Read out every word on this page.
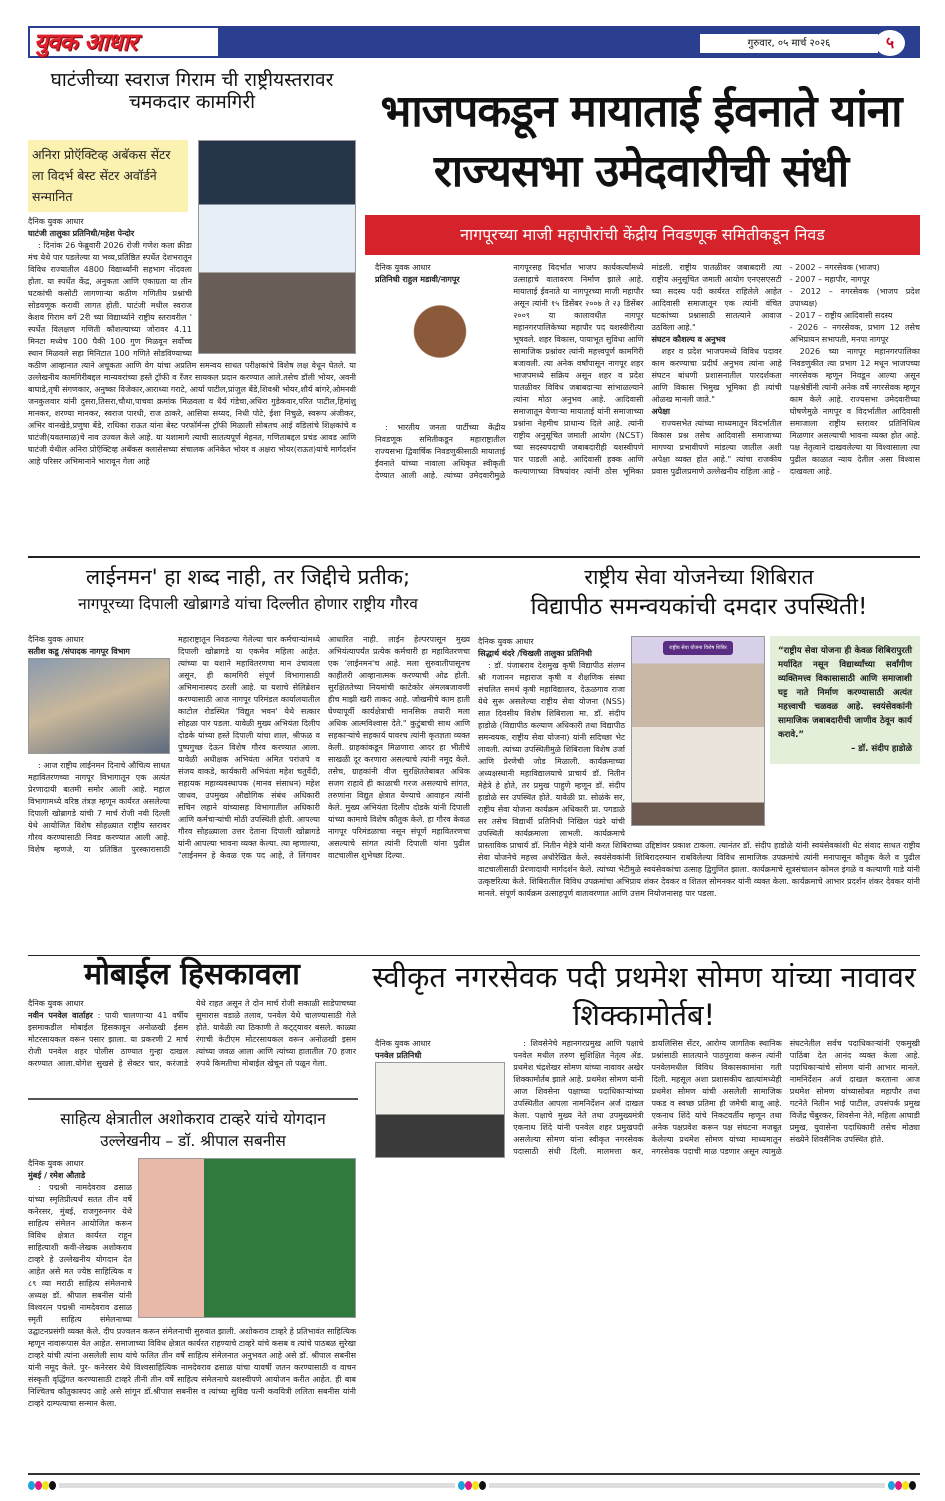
युवक आधार	गुरुवार, ०५ मार्च २०२६	५
घाटंजीच्या स्वराज गिराम ची राष्ट्रीयस्तरावर चमकदार कामगिरी
अनिरा प्रोऍक्टिव्ह अबॅकस सेंटर ला विदर्भ बेस्ट सेंटर अवॉर्डने सन्मानित
दैनिक युवक आधार
घाटंजी तालुका प्रतिनिधी/महेश पेन्दोर

: दिनांक 26 फेब्रुवारी 2026 रोजी गणेश कला क्रीडा मंच येथे पार पडलेल्या या भव्य,प्रतिष्ठित स्पर्धेत देशभरातून विविध राज्यातील 4800 विद्यार्थ्यांनी सहभाग नोंदवला होता. या स्पर्धेत केंद्र, अनुकता आणि एकाग्रता या तीन घटकांची कसोटी लागणाऱ्या कठीण गणितीय प्रश्नांची सोडवणूक करावी लागत होती. घाटंजी मधील स्वराज केशव गिराम वर्ग 2री च्या विद्यार्थ्याने राष्ट्रीय स्तरावरील ' स्पर्धेत विलक्षण गणिती कौशल्याच्या जोरावर 4.11 मिनटा मध्येच 100 पैकी 100 गुण मिळवून सर्वोच्च स्थान मिळवले सहा मिनिटात 100 गणिते सोडविण्याच्या कठीण आव्हानात त्याने अचूकता आणि वेग यांचा अप्रतिम समन्वय साधत परीक्षकांचे विशेष लक्ष वेधून घेतले. या उल्लेखनीय कामगिरीबद्दल मान्यवरांच्या हस्ते ट्रॉफी व रँजर सायकल प्रदान करण्यात आले.तसेच डॉली भोयर, अवनी बाघाडे,तृषी संगणकार, अनुष्का विजेकार,आराध्या गराटे, आर्या पाटील,प्रांजुल बेंडे,शिवश्री भोयर,शौर्य बांगरे,ओमनवी जनकुलवार यांनी दुसरा,तिसरा,चौथा,पाचवा क्रमांक मिळवला व धैर्य गंडेचा,अधिरा गुडेकवार,परित पाटील,हिमांशु मानकर, शरण्या मानकर, स्वराज पारधी, राज ठाकरे, आसिया सय्यद, निधी पोटे, ईशा निचुळे, स्वरूप अंजीकर, अभिर वानखेडे,प्रणुषा बेंडे, राधिका राऊत यांना बेस्ट परफॉर्मन्स ट्रॉफी मिळाली सोबतच आई वडिलांचे शिक्षकांचे व घाटंजी(यवतमाळ)चे नाव उज्वल केले आहे. या यशामागे त्याची सातत्यपूर्ण मेहनत, गणिताबद्दल प्रचंड आवड आणि घाटंजी येथील अनिरा प्रोऍक्टिव्ह अबॅकस क्लासेसच्या संचालक अनिकेत भोयर व अक्षरा भोयर(राऊत)यांचे मार्गदर्शन आहे परिसर अभिमानाने भारावून गेला आहे

भाजपकडून मायाताई ईवनाते यांना राज्यसभा उमेदवारीची संधी
नागपूरच्या माजी महापौरांची केंद्रीय निवडणूक समितीकडून निवड
दैनिक युवक आधार
प्रतिनिधी राहुल मडावी/नागपूर

: भारतीय जनता पार्टीच्या केंद्रीय निवडणूक समितीकडून महाराष्ट्रातील राज्यसभा द्विवार्षिक निवडणुकीसाठी मायाताई ईवनाते यांच्या नावाला अधिकृत स्वीकृती देण्यात आली आहे. त्यांच्या उमेदवारीमुळे नागपूरसह विदर्भात भाजप कार्यकर्त्यांमध्ये उत्साहाचे वातावरण निर्माण झाले आहे. मायाताई ईवनाते या नागपूरच्या माजी महापौर असून त्यांनी १५ डिसेंबर २००७ ते २३ डिसेंबर २००९ या कालावधीत नागपूर महानगरपालिकेच्या महापौर पद यशस्वीरीत्या भूषवले. शहर विकास, पायाभूत सुविधा आणि सामाजिक प्रश्नांवर त्यांनी महत्त्वपूर्ण कामगिरी बजावली. त्या अनेक वर्षांपासून नागपूर शहर भाजपमध्ये सक्रिय असून शहर व प्रदेश पातळीवर विविध जबाबदाऱ्या सांभाळल्याने त्यांना मोठा अनुभव आहे. आदिवासी समाजातून येणाऱ्या मायाताई यांनी समाजाच्या प्रश्नांना नेहमीच प्राधान्य दिले आहे. त्यांनी राष्ट्रीय अनुसूचित जमाती आयोग (NCST) च्या सदस्यपदाची जबाबदारीही यशस्वीपणे पार पाडली आहे. आदिवासी हक्क आणि कल्याणाच्या विषयांवर त्यांनी ठोस भूमिका मांडली. राष्ट्रीय पातळीवर जबाबदारी त्या राष्ट्रीय अनुसूचित जमाती आयोग एनएसएसटी च्या सदस्य पदी कार्यरत राहिलेले आहेत आदिवासी समाजातून एक त्यांनी वंचित घटकांच्या प्रश्नासाठी सातत्याने आवाज उठविला आहे."

संघटन कौशल्य व अनुभव

शहर व प्रदेश भाजपमध्ये विविध पदावर काम करण्याचा प्रदीर्घ अनुभव त्यांना आहे संघटन बांधणी प्रशासनातील पारदर्शकता आणि विकास भिमुख भूमिका ही त्यांची ओळख मानली जाते."

अपेक्षा

राज्यसभेत त्यांच्या माध्यमातून विदर्भातील विकास प्रश्न तसेच आदिवासी समाजाच्या मागण्या प्रभावीपणे मांडल्या जातील अशी अपेक्षा व्यक्त होत आहे." त्यांचा राजकीय प्रवास पुढीलप्रमाणे उल्लेखनीय राहिला आहे -

- 2002 – नगरसेवक (भाजप)
- 2007 – महापौर, नागपूर
- 2012 – नगरसेवक (भाजप प्रदेश उपाध्यक्ष)
- 2017 – राष्ट्रीय आदिवासी सदस्य
- 2026 – नगरसेवक, प्रभाग 12 तसेच अभिप्रायन सभापती, मनपा नागपूर

2026 च्या नागपूर महानगरपालिका निवडणुकीत त्या प्रभाग 12 मधून भाजपच्या नगरसेवक म्हणून निवडून आल्या असून पक्षश्रेष्ठींनी त्यांनी अनेक वर्षे नगरसेवक म्हणून काम केले आहे. राज्यसभा उमेदवारीच्या घोषणेमुळे नागपूर व विदर्भातील आदिवासी समाजाला राष्ट्रीय स्तरावर प्रतिनिधित्व मिळणार असल्याची भावना व्यक्त होत आहे. पक्ष नेतृत्वाने दाखवलेल्या या विश्वासाला त्या पुढील काळात न्याय देतील असा विश्वास दाखवला आहे.

लाईनमन' हा शब्द नाही, तर जिद्दीचे प्रतीक;
नागपूरच्या दिपाली खोब्रागडे यांचा दिल्लीत होणार राष्ट्रीय गौरव
दैनिक युवक आधार
सतीश कडू /संपादक नागपूर विभाग

: आज राष्ट्रीय लाईनमन दिनाचे औचित्य साधत महावितरणच्या नागपूर विभागातून एक अत्यंत प्रेरणादायी बातमी समोर आली आहे. महाल विभागामध्ये वरिष्ठ तंत्रज्ञ म्हणून कार्यरत असलेल्या दिपाली खोब्रागडे यांची 7 मार्च रोजी नवी दिल्ली येथे आयोजित विशेष सोहळ्यात राष्ट्रीय स्तरावर गौरव करण्यासाठी निवड करण्यात आली आहे. विशेष म्हणजे, या प्रतिष्ठित पुरस्कारासाठी महाराष्ट्रातून निवडल्या गेलेल्या चार कर्मचाऱ्यांमध्ये दिपाली खोब्रागडे या एकमेव महिला आहेत. त्यांच्या या यशाने महावितरणचा मान उंचावला असून, ही कामगिरी संपूर्ण विभागासाठी अभिमानास्पद ठरली आहे. या यशाचे सेलिब्रेशन करण्यासाठी आज नागपूर परिमंडल कार्यालयातील काटोल रोडस्थित 'विद्युत भवन' येथे सत्कार सोहळा पार पडला. यावेळी मुख्य अभियंता दिलीप दोडके यांच्या हस्ते दिपाली यांचा शाल, श्रीफळ व पुष्पगुच्छ देऊन विशेष गौरव करण्यात आला. यावेळी अधीक्षक अभियंता अमित परांजपे व संजय वाकडे, कार्यकारी अभियंता महेश चतुर्वेदी, सहायक महाव्यवस्थापक (मानव संसाधन) महेश जाधव, उपमुख्य औद्योगिक संबंध अधिकारी सचिन लहाने यांच्यासह विभागातील अधिकारी आणि कर्मचाऱ्यांची मोठी उपस्थिती होती. आपल्या गौरव सोहळ्याला उत्तर देताना दिपाली खोब्रागडे यांनी आपल्या भावना व्यक्त केल्या. त्या म्हणाल्या, "लाईनमन हे केवळ एक पद आहे, ते लिंगावर आधारित नाही. लाईन हेल्परपासून मुख्य अभियंत्यापर्यंत प्रत्येक कर्मचारी हा महावितरणचा एक 'लाईनमन'च आहे. मला सुरुवातीपासूनच काहीतरी आव्हानात्मक करण्याची ओढ होती. सुरक्षिततेच्या नियमांची काटेकोर अंमलबजावणी हीच माझी खरी ताकद आहे. जोखमीचे काम हाती घेण्यापूर्वी कार्यक्षेत्राची मानसिक तयारी मला अधिक आत्मविश्वास देते." कुटुंबाची साथ आणि सहकाऱ्यांचे सहकार्य यावरच त्यांनी कृतज्ञता व्यक्त केली. ग्राहकांकडून मिळणारा आदर हा भीतीचे साखळी दूर करणारा असल्याचे त्यांनी नमूद केले. तसेच, ग्राहकांनी वीज सुरक्षिततेबाबत अधिक सजग राहावे ही काळाची गरज असल्याचे सांगत, तरुणांना विद्युत क्षेत्रात येण्याचे आवाहन त्यांनी केले. मुख्य अभियंता दिलीप दोडके यांनी दिपाली यांच्या कामाचे विशेष कौतुक केले. हा गौरव केवळ नागपूर परिमंडळाचा नसून संपूर्ण महावितरणचा असल्याचे सांगत त्यांनी दिपाली यांना पुढील वाटचालीस शुभेच्छा दिल्या.

राष्ट्रीय सेवा योजनेच्या शिबिरात
विद्यापीठ समन्वयकांची दमदार उपस्थिती!
“राष्ट्रीय सेवा योजना ही केवळ शिबिरापुरती मर्यादित नसून विद्यार्थ्यांच्या सर्वांगीण व्यक्तिमत्त्व विकासासाठी आणि समाजाशी घट्ट नाते निर्माण करण्यासाठी अत्यंत महत्त्वाची चळवळ आहे. स्वयंसेवकांनी सामाजिक जबाबदारीची जाणीव ठेवून कार्य करावे.”
– डॉ. संदीप हाडोळे
राष्ट्रीय सेवा योजना विशेष शिबिर
दैनिक युवक आधार
सिद्धार्थ थंदरे /चिखली तालुका प्रतिनिधी

: डॉ. पंजाबराव देशमुख कृषी विद्यापीठ संलग्न श्री गजानन महाराज कृषी व शैक्षणिक संस्था संचलित समर्थ कृषी महाविद्यालय, देऊळगाव राजा येथे सुरू असलेल्या राष्ट्रीय सेवा योजना (NSS) सात दिवसीय विशेष शिबिराला मा. डॉ. संदीप हाडोळे (विद्यापीठ कल्याण अधिकारी तथा विद्यापीठ समन्वयक, राष्ट्रीय सेवा योजना) यांनी सदिच्छा भेट लावली. त्यांच्या उपस्थितीमुळे शिबिराला विशेष उर्जा आणि प्रेरणेची जोड मिळाली. कार्यक्रमाच्या अध्यक्षस्थानी महाविद्यालयाचे प्राचार्य डॉ. नितीन मेहेत्रे हे होते, तर प्रमुख पाहुणे म्हणून डॉ. संदीप हाडोळे सर उपस्थित होते. यावेळी प्रा. सोळंके सर, राष्ट्रीय सेवा योजना कार्यक्रम अधिकारी प्रा. पगडाळे सर तसेच विद्यार्थी प्रतिनिधी निखिल पंढरे यांची उपस्थिती कार्यक्रमाला लाभली. कार्यक्रमाचे प्रास्ताविक प्राचार्य डॉ. नितीन मेहेत्रे यांनी करत शिबिराच्या उद्दिष्टांवर प्रकाश टाकला. त्यानंतर डॉ. संदीप हाडोळे यांनी स्वयंसेवकांशी थेट संवाद साधत राष्ट्रीय सेवा योजनेचे महत्त्व अधोरेखित केले. स्वयंसेवकांनी शिबिरादरम्यान राबविलेल्या विविध सामाजिक उपक्रमांचे त्यांनी मनापासून कौतुक केले व पुढील वाटचालीसाठी प्रेरणादायी मार्गदर्शन केले. त्यांच्या भेटीमुळे स्वयंसेवकांचा उत्साह द्विगुणित झाला. कार्यक्रमाचे सूत्रसंचालन कोमल इंगळे व कल्याणी गाडे यांनी उत्कृष्टरित्या केले. शिबिरातील विविध उपक्रमांचा अभिप्राय शंकर देवकर व शितल सोमनकर यांनी व्यक्त केला. कार्यक्रमाचे आभार प्रदर्शन शंकर देवकर यांनी मानले. संपूर्ण कार्यक्रम उत्साहपूर्ण वातावरणात आणि उत्तम नियोजनासह पार पडला.

मोबाईल हिसकावला
दैनिक युवक आधार
नवीन पनवेल वार्ताहर : पायी चालणाऱ्या 41 वर्षीय इसमाकडील मोबाईल हिसकावून अनोळखी ईसम मोटरसायकल वरून पसार झाला. या प्रकरणी 2 मार्च रोजी पनवेल शहर पोलीस ठाण्यात गुन्हा दाखल करण्यात आला.योगेश सुखसे हे सेक्टर चार, करंजाडे येथे राहत असून ते दोन मार्च रोजी सकाळी साडेपाचच्या सुमारास वडाळे तलाव, पनवेल येथे चालण्यासाठी गेले होते. यावेळी त्या ठिकाणी ते कट्ट्यावर बसले. काळ्या रंगाची केटीएम मोटरसायकल वरून अनोळखी इसम त्यांच्या जवळ आला आणि त्यांच्या हातातील 70 हजार रुपये किमतीचा मोबाईल खेचून तो पळून गेला.
साहित्य क्षेत्रातील अशोकराव टाव्हरे यांचे योगदान उल्लेखनीय – डॉ. श्रीपाल सबनीस
दैनिक युवक आधार
मुंबई / रमेश औताडे

: पद्मश्री नामदेवराव ढसाळ यांच्या स्मृतिप्रीत्यर्थ सतत तीन वर्षे कनेरसर, मुंबई, राजगुरुनगर येथे साहित्य संमेलन आयोजित करून विविध क्षेत्रात कार्यरत राहून साहित्याशी कवी-लेखक अशोकराव टाव्हरे हे उल्लेखनीय योगदान देत आहेत असे मत ज्येष्ठ साहित्यिक व ८९ व्या मराठी साहित्य संमेलनाचे अध्यक्ष डॉ. श्रीपाल सबनीस यांनी विश्वरत्न पद्मश्री नामदेवराव ढसाळ स्मृती साहित्य संमेलनाच्या उद्घाटनप्रसंगी व्यक्त केले. दीप प्रज्वलन करून संमेलनाची सुरुवात झाली. अशोकराव टाव्हरे हे प्रतिभावंत साहित्यिक म्हणून नावारूपास येत आहेत. समाजाच्या विविध क्षेत्रात कार्यरत राहण्याचे टाव्हरे यांचे कसब व त्यांचे पाठबळ सुरेखा टाव्हरे यांची त्यांना असलेली साथ यांचे फलित तीन वर्षे साहित्य संमेलनात अनुभवत आहे असे डॉ. श्रीपाल सबनीस यांनी नमूद केले. पुर- कनेरसर येथे विश्वसाहित्यिक नामदेवराव ढसाळ यांचा यावर्षी जतन करण्यासाठी व वाचन संस्कृती वृद्धिंगत करण्यासाठी टाव्हरे तीनी तीन वर्षे साहित्य संमेलनाचे यशस्वीपणे आयोजन करीत आहेत. ही बाब निश्चितच कौतुकास्पद आहे असे सांगून डॉ.श्रीपाल सबनीस व त्यांच्या सुविद्य पत्नी कवयित्री ललिता सबनीस यांनी टाव्हरे दाम्पत्याचा सन्मान केला.

स्वीकृत नगरसेवक पदी प्रथमेश सोमण यांच्या नावावर शिक्कामोर्तब!
दैनिक युवक आधार
पनवेल प्रतिनिधी

: शिवसेनेचे महानगरप्रमुख आणि पक्षाचे पनवेल मधील तरुण सुशिक्षित नेतृत्व ॲड. प्रथमेश चंद्रशेखर सोमण यांच्या नावावर अखेर शिक्कामोर्तब झाले आहे. प्रथमेश सोमण यांनी आज शिवसेना पक्षाच्या पदाधिकाऱ्यांच्या उपस्थितीत आपला नामनिर्देशन अर्ज दाखल केला. पक्षाचे मुख्य नेते तथा उपमुख्यमंत्री एकनाथ शिंदे यांनी पनवेल शहर प्रमुखपदी असलेल्या सोमण यांना स्वीकृत नगरसेवक पदासाठी संधी दिली. मालमत्ता कर, डायलिसिस सेंटर, आरोग्य जागतिक स्थानिक प्रश्नांसाठी सातत्याने पाठपुरावा करून त्यांनी पनवेलमधील विविध विकासकामांना गती दिली. महसूल अशा प्रशासकीय खात्यांमध्येही प्रथमेश सोमण यांची असलेली सामाजिक पकड व स्वच्छ प्रतिमा ही जमेची बाजू आहे. एकनाथ शिंदे यांचे निकटवर्तीय म्हणून तथा अनेक पक्षप्रवेश करून पक्ष संघटना मजबूत केलेल्या प्रथमेश सोमण यांच्या माध्यमातून नगरसेवक पदाची माळ पडणार असून त्यामुळे संघटनेतील सर्वच पदाधिकाऱ्यांनी एकमुखी पाठिंबा देत आनंद व्यक्त केला आहे. पदाधिकाऱ्यांचे सोमण यांनी आभार मानले. नामनिर्देशन अर्ज दाखल करताना आज प्रथमेश सोमण यांच्यासोबत महापौर तथा गटनेते नितीन भाई पाटील, उपसंपर्क प्रमुख विजेंद्र चेंबुरकर, शिवसेना नेते, महिला आघाडी प्रमुख, युवासेना पदाधिकारी तसेच मोठ्या संख्येने शिवसैनिक उपस्थित होते.
